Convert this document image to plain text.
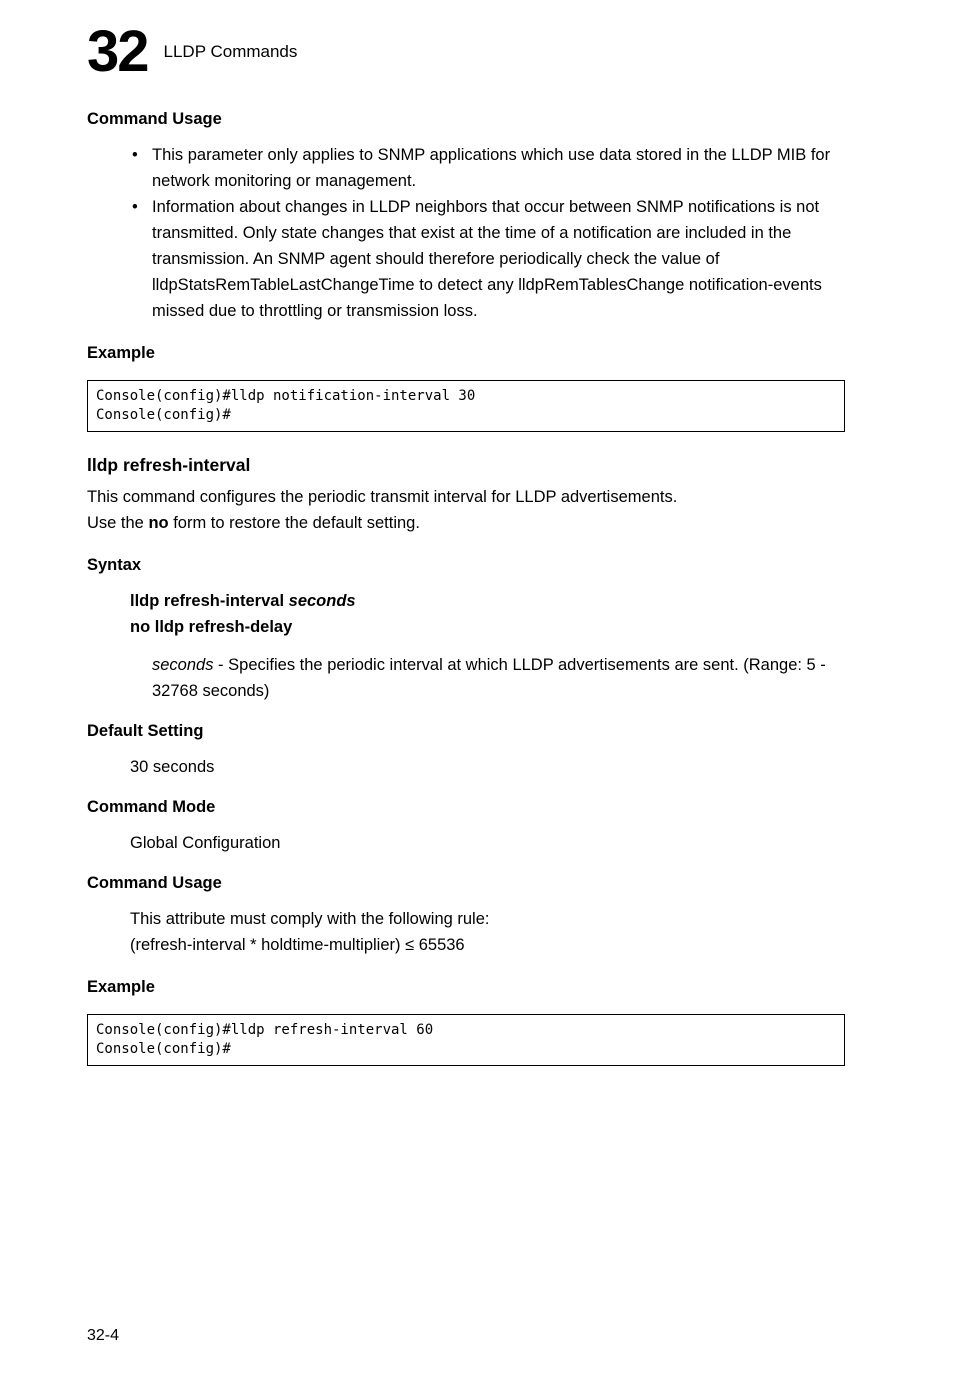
32 LLDP Commands
Command Usage
• This parameter only applies to SNMP applications which use data stored in the LLDP MIB for network monitoring or management.
• Information about changes in LLDP neighbors that occur between SNMP notifications is not transmitted. Only state changes that exist at the time of a notification are included in the transmission. An SNMP agent should therefore periodically check the value of lldpStatsRemTableLastChangeTime to detect any lldpRemTablesChange notification-events missed due to throttling or transmission loss.
Example
Console(config)#lldp notification-interval 30
Console(config)#
lldp refresh-interval

This command configures the periodic transmit interval for LLDP advertisements.
Use the no form to restore the default setting.

Syntax
lldp refresh-interval seconds
no lldp refresh-delay

seconds - Specifies the periodic interval at which LLDP advertisements are sent. (Range: 5 - 32768 seconds)

Default Setting

30 seconds

Command Mode

Global Configuration

Command Usage

This attribute must comply with the following rule:
(refresh-interval * holdtime-multiplier) ≤ 65536

Example
Console(config)#lldp refresh-interval 60
Console(config)#
32-4
